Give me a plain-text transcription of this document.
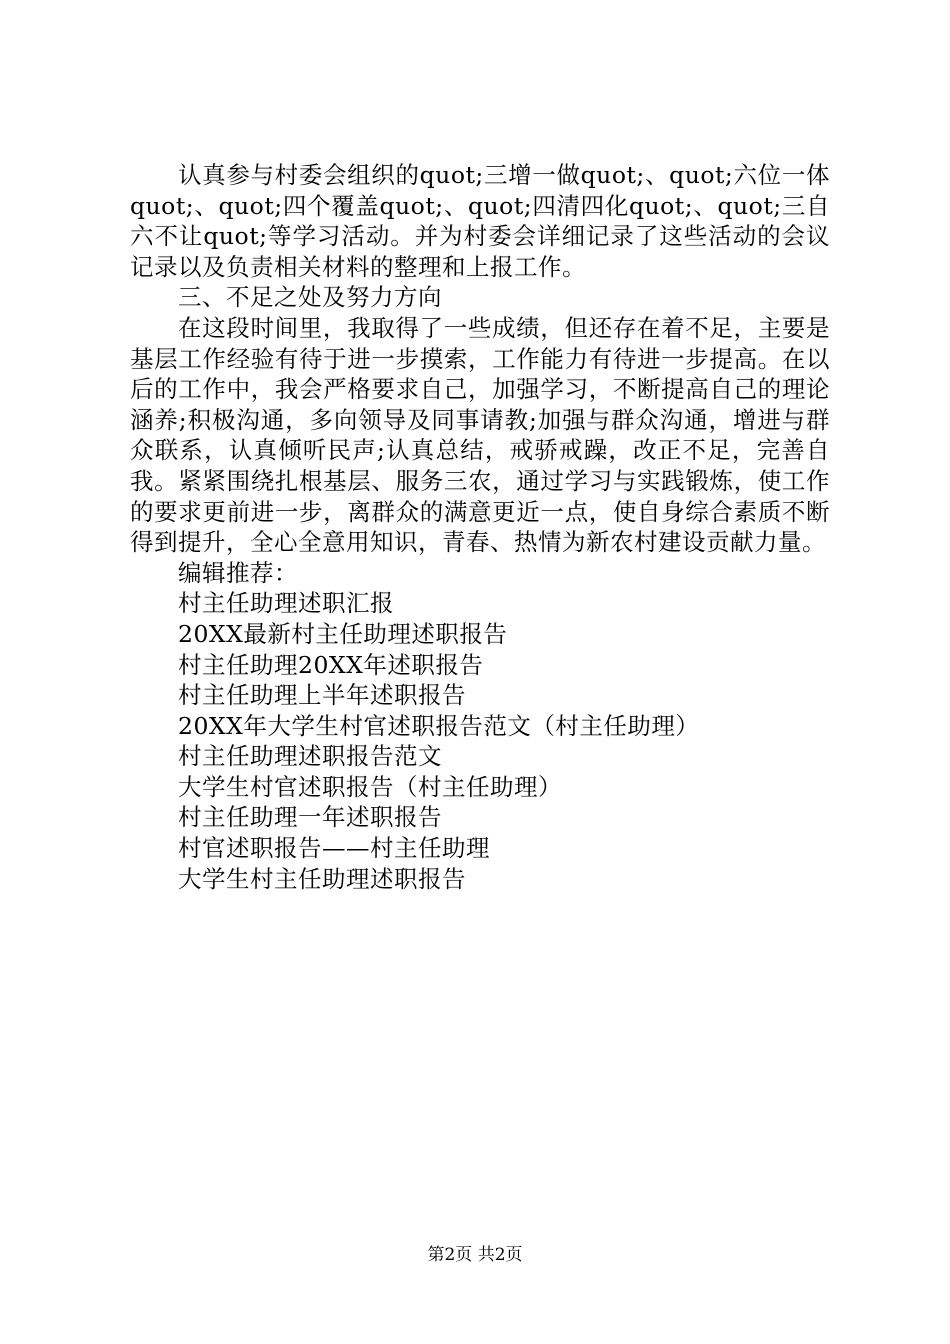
认真参与村委会组织的quot;三增一做quot;、quot;六位一体quot;、quot;四个覆盖quot;、quot;四清四化quot;、quot;三自六不让quot;等学习活动。并为村委会详细记录了这些活动的会议记录以及负责相关材料的整理和上报工作。

三、不足之处及努力方向

在这段时间里，我取得了一些成绩，但还存在着不足，主要是基层工作经验有待于进一步摸索，工作能力有待进一步提高。在以后的工作中，我会严格要求自己，加强学习，不断提高自己的理论涵养;积极沟通，多向领导及同事请教;加强与群众沟通，增进与群众联系，认真倾听民声;认真总结，戒骄戒躁，改正不足，完善自我。紧紧围绕扎根基层、服务三农，通过学习与实践锻炼，使工作的要求更前进一步，离群众的满意更近一点，使自身综合素质不断得到提升，全心全意用知识，青春、热情为新农村建设贡献力量。

编辑推荐：

村主任助理述职汇报
20XX最新村主任助理述职报告
村主任助理20XX年述职报告
村主任助理上半年述职报告
20XX年大学生村官述职报告范文（村主任助理）
村主任助理述职报告范文
大学生村官述职报告（村主任助理）
村主任助理一年述职报告
村官述职报告——村主任助理
大学生村主任助理述职报告
第2页 共2页
